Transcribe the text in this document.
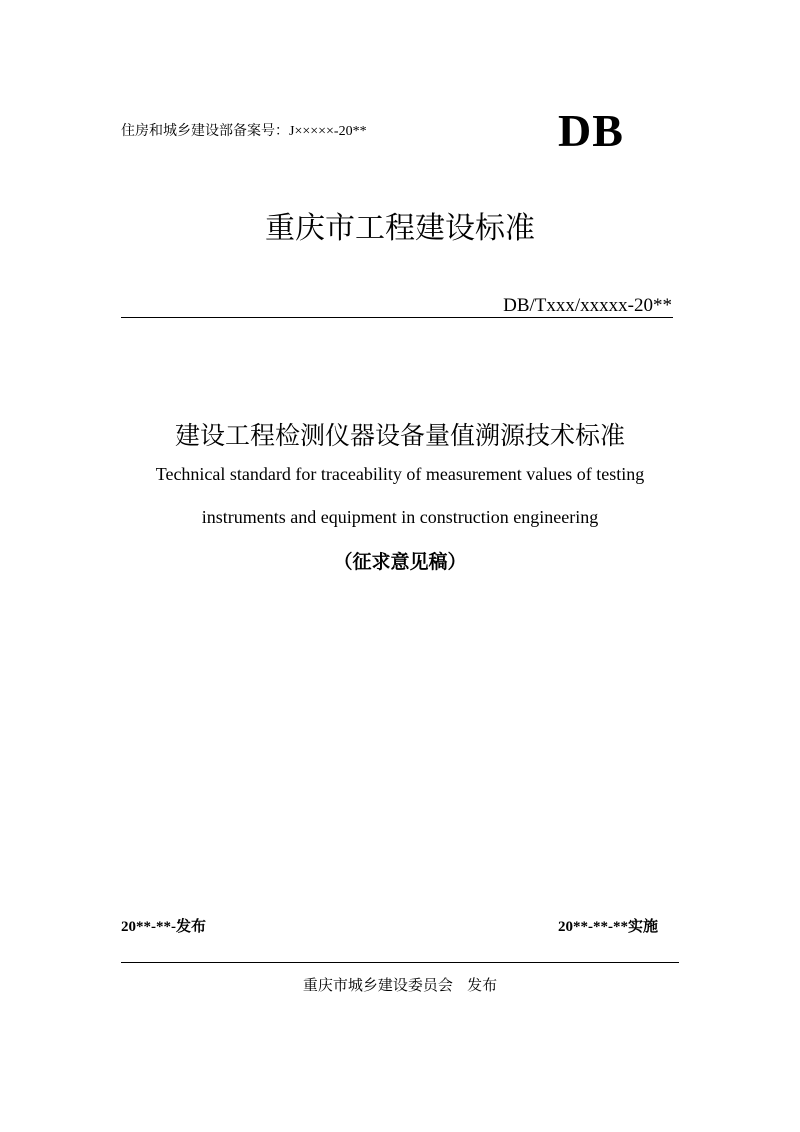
住房和城乡建设部备案号：J×××××-20**	DB
重庆市工程建设标准
DB/Txxx/xxxxx-20**
建设工程检测仪器设备量值溯源技术标准
Technical standard for traceability of measurement values of testing
instruments and equipment in construction engineering
（征求意见稿）
20**-**-发布	20**-**-**实施
重庆市城乡建设委员会   发布
